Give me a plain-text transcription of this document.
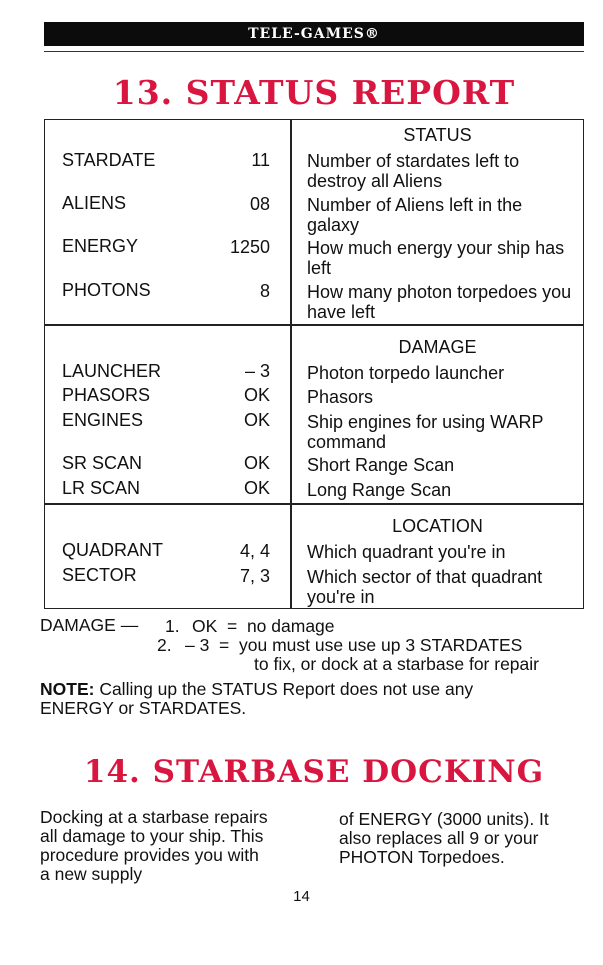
TELE-GAMES®
13. STATUS REPORT
STATUS
STARDATE	11 Number of stardates left to destroy all Aliens
ALIENS	08 Number of Aliens left in the galaxy
ENERGY	1250 How much energy your ship has left
PHOTONS	8 How many photon torpedoes you have left
DAMAGE
LAUNCHER	– 3 Photon torpedo launcher
PHASORS	OK Phasors
ENGINES	OK Ship engines for using WARP command
SR SCAN	OK Short Range Scan
LR SCAN	OK Long Range Scan
LOCATION
QUADRANT	4, 4 Which quadrant you're in
SECTOR	7, 3 Which sector of that quadrant you're in
DAMAGE — 1. OK  =  no damage
2. – 3  =  you must use use up 3 STARDATES
to fix, or dock at a starbase for repair
NOTE: Calling up the STATUS Report does not use any ENERGY or STARDATES.
14. STARBASE DOCKING
Docking at a starbase repairs all damage to your ship. This procedure provides you with a new supply
of ENERGY (3000 units). It also replaces all 9 or your PHOTON Torpedoes.
14
